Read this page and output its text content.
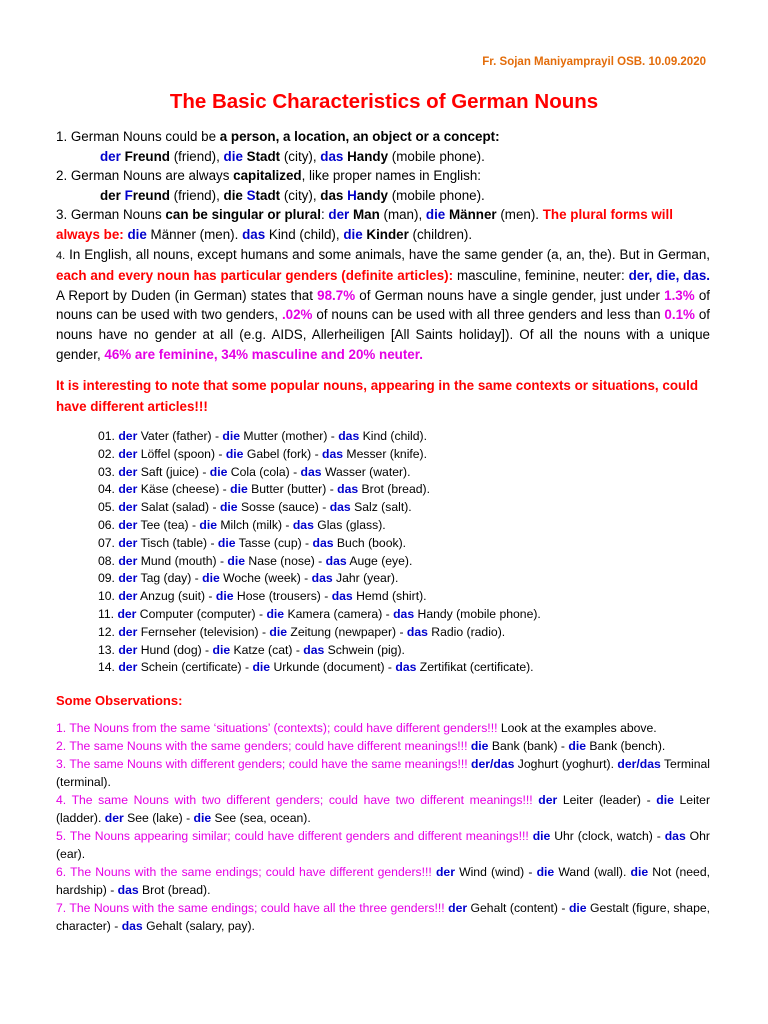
Fr. Sojan Maniyamprayil OSB. 10.09.2020
The Basic Characteristics of German Nouns

1. German Nouns could be a person, a location, an object or a concept:

der Freund (friend), die Stadt (city), das Handy (mobile phone).

2. German Nouns are always capitalized, like proper names in English:

der Freund (friend), die Stadt (city), das Handy (mobile phone).

3. German Nouns can be singular or plural: der Man (man), die Männer (men). The plural forms will always be: die Männer (men). das Kind (child), die Kinder (children).

4. In English, all nouns, except humans and some animals, have the same gender (a, an, the). But in German, each and every noun has particular genders (definite articles): masculine, feminine, neuter: der, die, das. A Report by Duden (in German) states that 98.7% of German nouns have a single gender, just under 1.3% of nouns can be used with two genders, .02% of nouns can be used with all three genders and less than 0.1% of nouns have no gender at all (e.g. AIDS, Allerheiligen [All Saints holiday]). Of all the nouns with a unique gender, 46% are feminine, 34% masculine and 20% neuter.

It is interesting to note that some popular nouns, appearing in the same contexts or situations, could have different articles!!!

01. der Vater (father) - die Mutter (mother) - das Kind (child).
02. der Löffel (spoon) - die Gabel (fork) - das Messer (knife).
03. der Saft (juice) - die Cola (cola) - das Wasser (water).
04. der Käse (cheese) - die Butter (butter) - das Brot (bread).
05. der Salat (salad) - die Sosse (sauce) - das Salz (salt).
06. der Tee (tea) - die Milch (milk) - das Glas (glass).
07. der Tisch (table) - die Tasse (cup) - das Buch (book).
08. der Mund (mouth) - die Nase (nose) - das Auge (eye).
09. der Tag (day) - die Woche (week) - das Jahr (year).
10. der Anzug (suit) - die Hose (trousers) - das Hemd (shirt).
11. der Computer (computer) - die Kamera (camera) - das Handy (mobile phone).
12. der Fernseher (television) - die Zeitung (newpaper) - das Radio (radio).
13. der Hund (dog) - die Katze (cat) - das Schwein (pig).
14. der Schein (certificate) - die Urkunde (document) - das Zertifikat (certificate).

Some Observations:

1. The Nouns from the same ‘situations’ (contexts); could have different genders!!! Look at the examples above.

2. The same Nouns with the same genders; could have different meanings!!! die Bank (bank) - die Bank (bench).

3. The same Nouns with different genders; could have the same meanings!!! der/das Joghurt (yoghurt). der/das Terminal (terminal).

4. The same Nouns with two different genders; could have two different meanings!!! der Leiter (leader) - die Leiter (ladder). der See (lake) - die See (sea, ocean).

5. The Nouns appearing similar; could have different genders and different meanings!!! die Uhr (clock, watch) - das Ohr (ear).

6. The Nouns with the same endings; could have different genders!!! der Wind (wind) - die Wand (wall). die Not (need, hardship) - das Brot (bread).

7. The Nouns with the same endings; could have all the three genders!!! der Gehalt (content) - die Gestalt (figure, shape, character) - das Gehalt (salary, pay).
